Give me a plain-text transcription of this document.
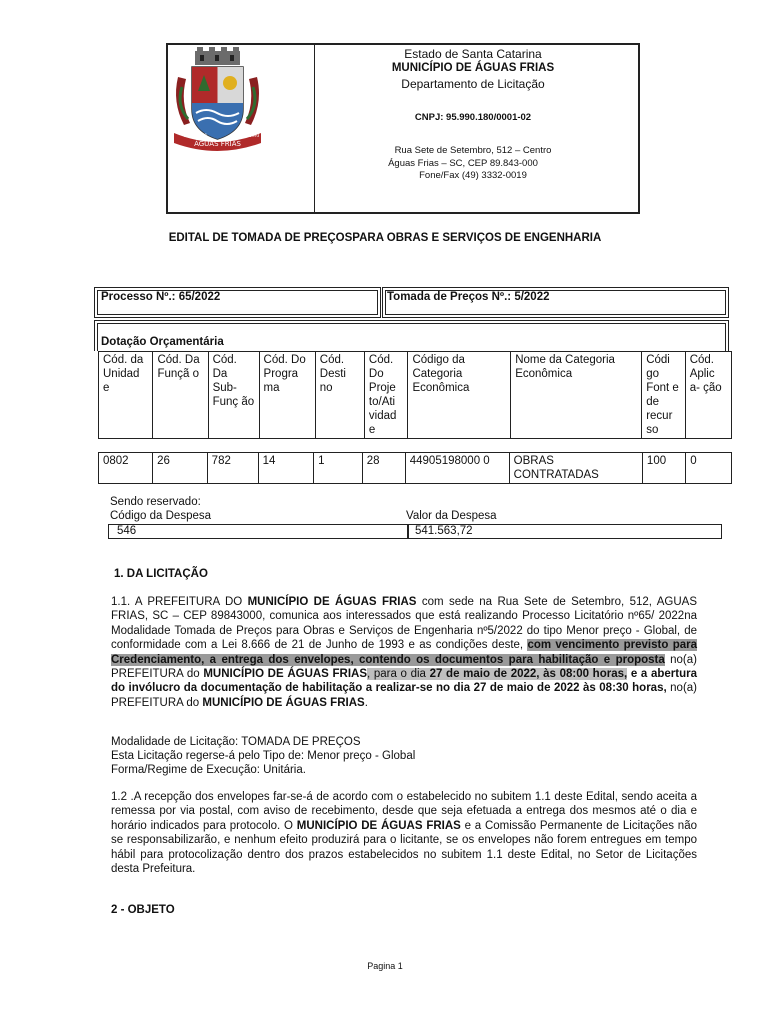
Estado de Santa Catarina
MUNICÍPIO DE ÁGUAS FRIAS
Departamento de Licitação
CNPJ: 95.990.180/0001-02
Rua Sete de Setembro, 512 – Centro
Águas Frias – SC, CEP 89.843-000
Fone/Fax (49) 3332-0019
ÁGUAS FRIAS
20-12-1991	01-01-1993
EDITAL DE TOMADA DE PREÇOSPARA OBRAS E SERVIÇOS DE ENGENHARIA
Processo Nº.: 65/2022	Tomada de Preços Nº.: 5/2022
Dotação Orçamentária
Cód. da Unidad e	Cód. Da Funçã o	Cód. Da Sub- Funç ão	Cód. Do Progra ma	Cód. Desti no	Cód. Do Proje to/Ati vidad e	Código da Categoria Econômica	Nome da Categoria Econômica	Códi go Font e de recur so	Cód. Aplic a- ção
0802	26	782	14	1	28	44905198000 0	OBRAS CONTRATADAS	100	0
Sendo reservado:
Código da Despesa	Valor da Despesa
546	541.563,72
1. DA LICITAÇÃO
1.1. A PREFEITURA DO MUNICÍPIO DE ÁGUAS FRIAS com sede na Rua Sete de Setembro, 512, AGUAS FRIAS, SC – CEP 89843000, comunica aos interessados que está realizando Processo Licitatório nº65/ 2022na Modalidade Tomada de Preços para Obras e Serviços de Engenharia nº5/2022 do tipo Menor preço - Global, de conformidade com a Lei 8.666 de 21 de Junho de 1993 e as condições deste, com vencimento previsto para Credenciamento, a entrega dos envelopes, contendo os documentos para habilitação e proposta no(a) PREFEITURA do MUNICÍPIO DE ÁGUAS FRIAS, para o dia 27 de maio de 2022, às 08:00 horas, e a abertura do invólucro da documentação de habilitação a realizar-se no dia 27 de maio de 2022 às 08:30 horas, no(a) PREFEITURA do MUNICÍPIO DE ÁGUAS FRIAS.
Modalidade de Licitação: TOMADA DE PREÇOS
Esta Licitação regerse-á pelo Tipo de: Menor preço - Global
Forma/Regime de Execução: Unitária.
1.2 .A recepção dos envelopes far-se-á de acordo com o estabelecido no subitem 1.1 deste Edital, sendo aceita a remessa por via postal, com aviso de recebimento, desde que seja efetuada a entrega dos mesmos até o dia e horário indicados para protocolo. O MUNICÍPIO DE ÁGUAS FRIAS e a Comissão Permanente de Licitações não se responsabilizarão, e nenhum efeito produzirá para o licitante, se os envelopes não forem entregues em tempo hábil para protocolização dentro dos prazos estabelecidos no subitem 1.1 deste Edital, no Setor de Licitações desta Prefeitura.
2 - OBJETO
Pagina 1
